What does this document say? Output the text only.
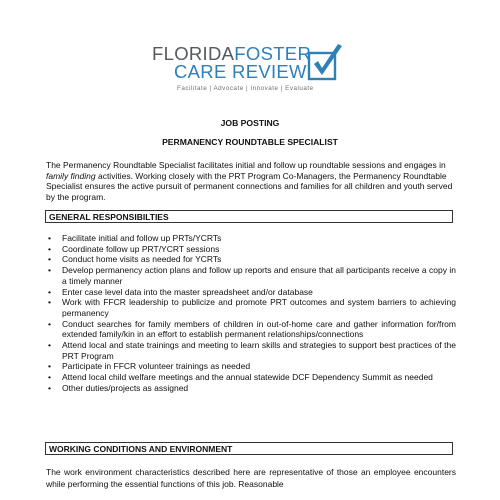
FLORIDAFOSTER
CARE REVIEW
Facilitate | Advocate | Innovate | Evaluate
JOB POSTING
PERMANENCY ROUNDTABLE SPECIALIST
The Permanency Roundtable Specialist facilitates initial and follow up roundtable sessions and engages in family finding activities. Working closely with the PRT Program Co-Managers, the Permanency Roundtable Specialist ensures the active pursuit of permanent connections and families for all children and youth served by the program.
GENERAL RESPONSIBILTIES
• Facilitate initial and follow up PRTs/YCRTs
• Coordinate follow up PRT/YCRT sessions
• Conduct home visits as needed for YCRTs
• Develop permanency action plans and follow up reports and ensure that all participants receive a copy in a timely manner
• Enter case level data into the master spreadsheet and/or database
• Work with FFCR leadership to publicize and promote PRT outcomes and system barriers to achieving permanency
• Conduct searches for family members of children in out-of-home care and gather information for/from extended family/kin in an effort to establish permanent relationships/connections
• Attend local and state trainings and meeting to learn skills and strategies to support best practices of the PRT Program
• Participate in FFCR volunteer trainings as needed
• Attend local child welfare meetings and the annual statewide DCF Dependency Summit as needed
• Other duties/projects as assigned
WORKING CONDITIONS AND ENVIRONMENT
The work environment characteristics described here are representative of those an employee encounters while performing the essential functions of this job. Reasonable
